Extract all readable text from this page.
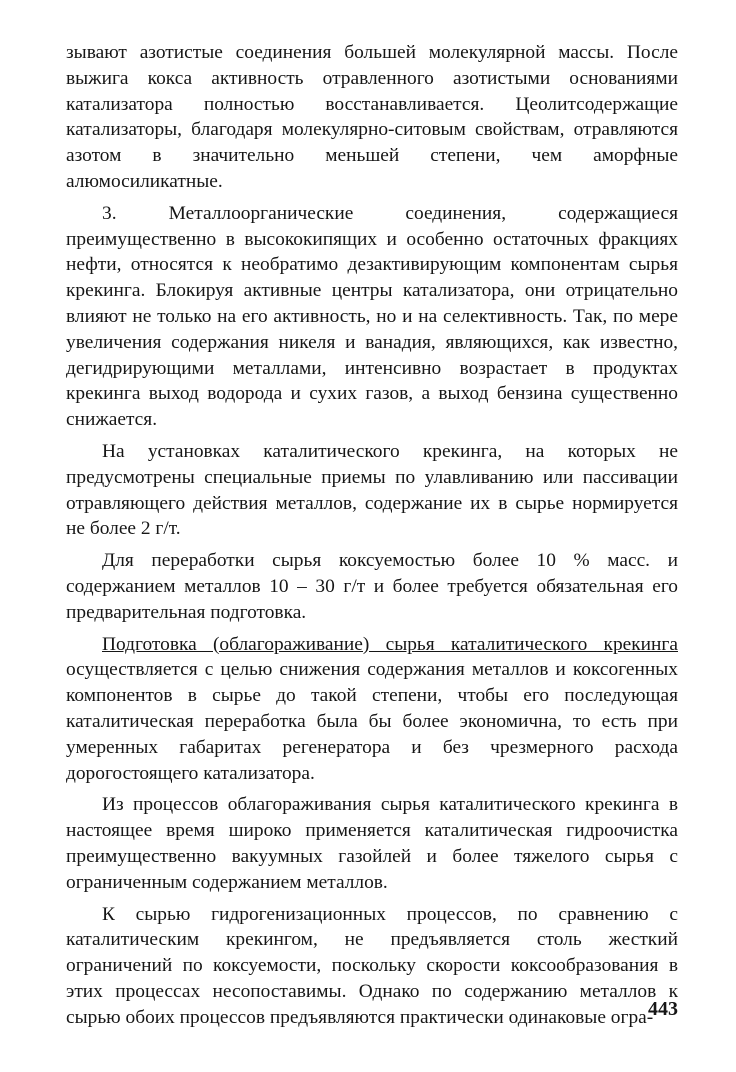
зывают азотистые соединения большей молекулярной массы. После выжига кокса активность отравленного азотистыми основаниями катализатора полностью восстанавливается. Цеолитсодержащие катализаторы, благодаря молекулярно-ситовым свойствам, отравляются азотом в значительно меньшей степени, чем аморфные алюмосиликатные.

3. Металлоорганические соединения, содержащиеся преимущественно в высококипящих и особенно остаточных фракциях нефти, относятся к необратимо дезактивирующим компонентам сырья крекинга. Блокируя активные центры катализатора, они отрицательно влияют не только на его активность, но и на селективность. Так, по мере увеличения содержания никеля и ванадия, являющихся, как известно, дегидрирующими металлами, интенсивно возрастает в продуктах крекинга выход водорода и сухих газов, а выход бензина существенно снижается.

На установках каталитического крекинга, на которых не предусмотрены специальные приемы по улавливанию или пассивации отравляющего действия металлов, содержание их в сырье нормируется не более 2 г/т.

Для переработки сырья коксуемостью более 10 % масс. и содержанием металлов 10 – 30 г/т и более требуется обязательная его предварительная подготовка.

Подготовка (облагораживание) сырья каталитического крекинга осуществляется с целью снижения содержания металлов и коксогенных компонентов в сырье до такой степени, чтобы его последующая каталитическая переработка была бы более экономична, то есть при умеренных габаритах регенератора и без чрезмерного расхода дорогостоящего катализатора.

Из процессов облагораживания сырья каталитического крекинга в настоящее время широко применяется каталитическая гидроочистка преимущественно вакуумных газойлей и более тяжелого сырья с ограниченным содержанием металлов.

К сырью гидрогенизационных процессов, по сравнению с каталитическим крекингом, не предъявляется столь жесткий ограничений по коксуемости, поскольку скорости коксообразования в этих процессах несопоставимы. Однако по содержанию металлов к сырью обоих процессов предъявляются практически одинаковые огра-

443
